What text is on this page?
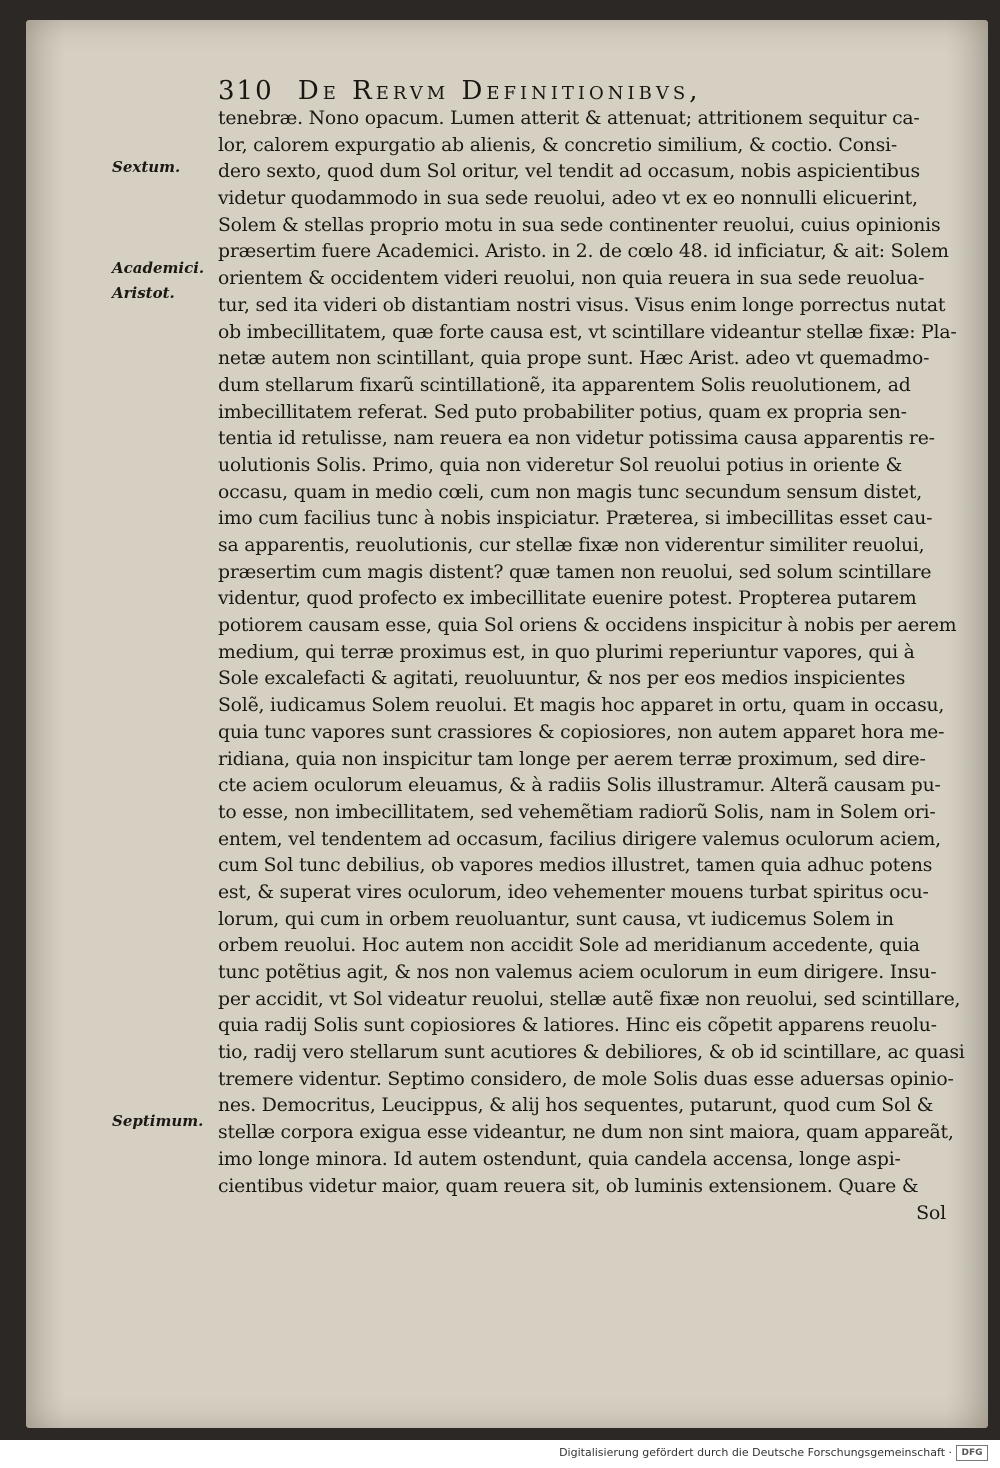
310 De Rervm Definitionibvs,
Sextum.
Academici.
Aristot.
Septimum.
tenebræ. Nono opacum. Lumen atterit & attenuat; attritionem sequitur ca-
lor, calorem expurgatio ab alienis, & concretio similium, & coctio. Consi-
dero sexto, quod dum Sol oritur, vel tendit ad occasum, nobis aspicientibus
videtur quodammodo in sua sede reuolui, adeo vt ex eo nonnulli elicuerint,
Solem & stellas proprio motu in sua sede continenter reuolui, cuius opinionis
præsertim fuere Academici. Aristo. in 2. de cœlo 48. id inficiatur, & ait: Solem
orientem & occidentem videri reuolui, non quia reuera in sua sede reuolua-
tur, sed ita videri ob distantiam nostri visus. Visus enim longe porrectus nutat
ob imbecillitatem, quæ forte causa est, vt scintillare videantur stellæ fixæ: Pla-
netæ autem non scintillant, quia prope sunt. Hæc Arist. adeo vt quemadmo-
dum stellarum fixarũ scintillationẽ, ita apparentem Solis reuolutionem, ad
imbecillitatem referat. Sed puto probabiliter potius, quam ex propria sen-
tentia id retulisse, nam reuera ea non videtur potissima causa apparentis re-
uolutionis Solis. Primo, quia non videretur Sol reuolui potius in oriente &
occasu, quam in medio cœli, cum non magis tunc secundum sensum distet,
imo cum facilius tunc à nobis inspiciatur. Præterea, si imbecillitas esset cau-
sa apparentis, reuolutionis, cur stellæ fixæ non viderentur similiter reuolui,
præsertim cum magis distent? quæ tamen non reuolui, sed solum scintillare
videntur, quod profecto ex imbecillitate euenire potest. Propterea putarem
potiorem causam esse, quia Sol oriens & occidens inspicitur à nobis per aerem
medium, qui terræ proximus est, in quo plurimi reperiuntur vapores, qui à
Sole excalefacti & agitati, reuoluuntur, & nos per eos medios inspicientes
Solẽ, iudicamus Solem reuolui. Et magis hoc apparet in ortu, quam in occasu,
quia tunc vapores sunt crassiores & copiosiores, non autem apparet hora me-
ridiana, quia non inspicitur tam longe per aerem terræ proximum, sed dire-
cte aciem oculorum eleuamus, & à radiis Solis illustramur. Alterã causam pu-
to esse, non imbecillitatem, sed vehemẽtiam radiorũ Solis, nam in Solem ori-
entem, vel tendentem ad occasum, facilius dirigere valemus oculorum aciem,
cum Sol tunc debilius, ob vapores medios illustret, tamen quia adhuc potens
est, & superat vires oculorum, ideo vehementer mouens turbat spiritus ocu-
lorum, qui cum in orbem reuoluantur, sunt causa, vt iudicemus Solem in
orbem reuolui. Hoc autem non accidit Sole ad meridianum accedente, quia
tunc potẽtius agit, & nos non valemus aciem oculorum in eum dirigere. Insu-
per accidit, vt Sol videatur reuolui, stellæ autẽ fixæ non reuolui, sed scintillare,
quia radij Solis sunt copiosiores & latiores. Hinc eis cõpetit apparens reuolu-
tio, radij vero stellarum sunt acutiores & debiliores, & ob id scintillare, ac quasi
tremere videntur. Septimo considero, de mole Solis duas esse aduersas opinio-
nes. Democritus, Leucippus, & alij hos sequentes, putarunt, quod cum Sol &
stellæ corpora exigua esse videantur, ne dum non sint maiora, quam appareãt,
imo longe minora. Id autem ostendunt, quia candela accensa, longe aspi-
cientibus videtur maior, quam reuera sit, ob luminis extensionem. Quare &
Sol
Digitalisierung gefördert durch die Deutsche Forschungsgemeinschaft ·	DFG
